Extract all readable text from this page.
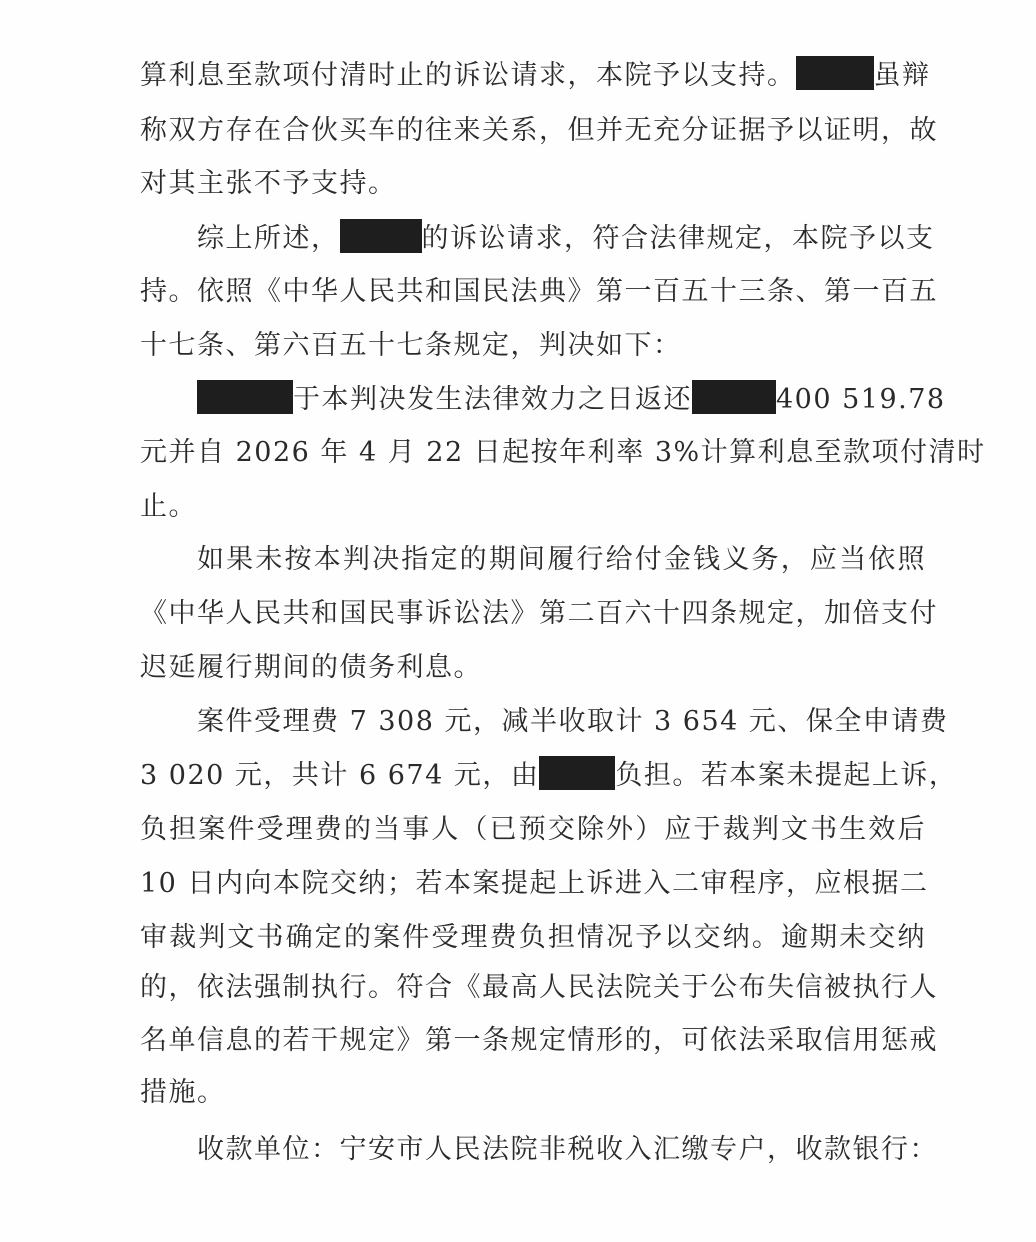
算利息至款项付清时止的诉讼请求，本院予以支持。	虽辩
称双方存在合伙买车的往来关系，但并无充分证据予以证明，故
对其主张不予支持。
综上所述，	的诉讼请求，符合法律规定，本院予以支
持。依照《中华人民共和国民法典》第一百五十三条、第一百五
十七条、第六百五十七条规定，判决如下：
于本判决发生法律效力之日返还	400 519.78
元并自 2026 年 4 月 22 日起按年利率 3%计算利息至款项付清时
止。
如果未按本判决指定的期间履行给付金钱义务，应当依照
《中华人民共和国民事诉讼法》第二百六十四条规定，加倍支付
迟延履行期间的债务利息。
案件受理费 7 308 元，减半收取计 3 654 元、保全申请费
3 020 元，共计 6 674 元，由	负担。若本案未提起上诉，
负担案件受理费的当事人（已预交除外）应于裁判文书生效后
10 日内向本院交纳；若本案提起上诉进入二审程序，应根据二
审裁判文书确定的案件受理费负担情况予以交纳。逾期未交纳
的，依法强制执行。符合《最高人民法院关于公布失信被执行人
名单信息的若干规定》第一条规定情形的，可依法采取信用惩戒
措施。
收款单位：宁安市人民法院非税收入汇缴专户，收款银行：
